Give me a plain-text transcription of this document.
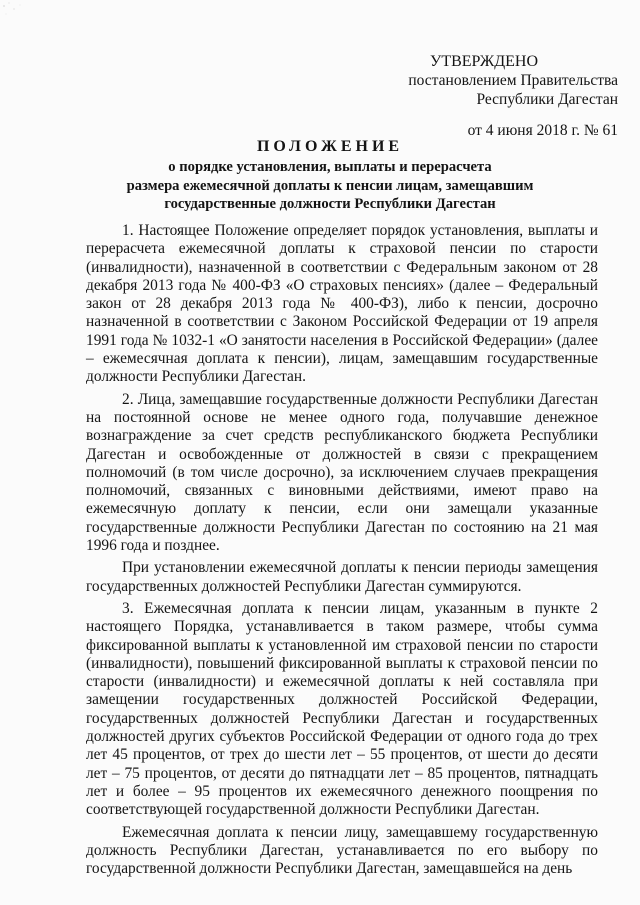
УТВЕРЖДЕНО
постановлением Правительства
Республики Дагестан
от 4 июня 2018 г. № 61
ПОЛОЖЕНИЕ
о порядке установления, выплаты и перерасчета
размера ежемесячной доплаты к пенсии лицам, замещавшим
государственные должности Республики Дагестан

1. Настоящее Положение определяет порядок установления, выплаты и перерасчета ежемесячной доплаты к страховой пенсии по старости (инвалидности), назначенной в соответствии с Федеральным законом от 28 декабря 2013 года № 400-ФЗ «О страховых пенсиях» (далее – Федеральный закон от 28 декабря 2013 года № 400-ФЗ), либо к пенсии, досрочно назначенной в соответствии с Законом Российской Федерации от 19 апреля 1991 года № 1032-1 «О занятости населения в Российской Федерации» (далее – ежемесячная доплата к пенсии), лицам, замещавшим государственные должности Республики Дагестан.

2. Лица, замещавшие государственные должности Республики Дагестан на постоянной основе не менее одного года, получавшие денежное вознаграждение за счет средств республиканского бюджета Республики Дагестан и освобожденные от должностей в связи с прекращением полномочий (в том числе досрочно), за исключением случаев прекращения полномочий, связанных с виновными действиями, имеют право на ежемесячную доплату к пенсии, если они замещали указанные государственные должности Республики Дагестан по состоянию на 21 мая 1996 года и позднее.

При установлении ежемесячной доплаты к пенсии периоды замещения государственных должностей Республики Дагестан суммируются.

3. Ежемесячная доплата к пенсии лицам, указанным в пункте 2 настоящего Порядка, устанавливается в таком размере, чтобы сумма фиксированной выплаты к установленной им страховой пенсии по старости (инвалидности), повышений фиксированной выплаты к страховой пенсии по старости (инвалидности) и ежемесячной доплаты к ней составляла при замещении государственных должностей Российской Федерации, государственных должностей Республики Дагестан и государственных должностей других субъектов Российской Федерации от одного года до трех лет 45 процентов, от трех до шести лет – 55 процентов, от шести до десяти лет – 75 процентов, от десяти до пятнадцати лет – 85 процентов, пятнадцать лет и более – 95 процентов их ежемесячного денежного поощрения по соответствующей государственной должности Республики Дагестан.

Ежемесячная доплата к пенсии лицу, замещавшему государственную должность Республики Дагестан, устанавливается по его выбору по государственной должности Республики Дагестан, замещавшейся на день
